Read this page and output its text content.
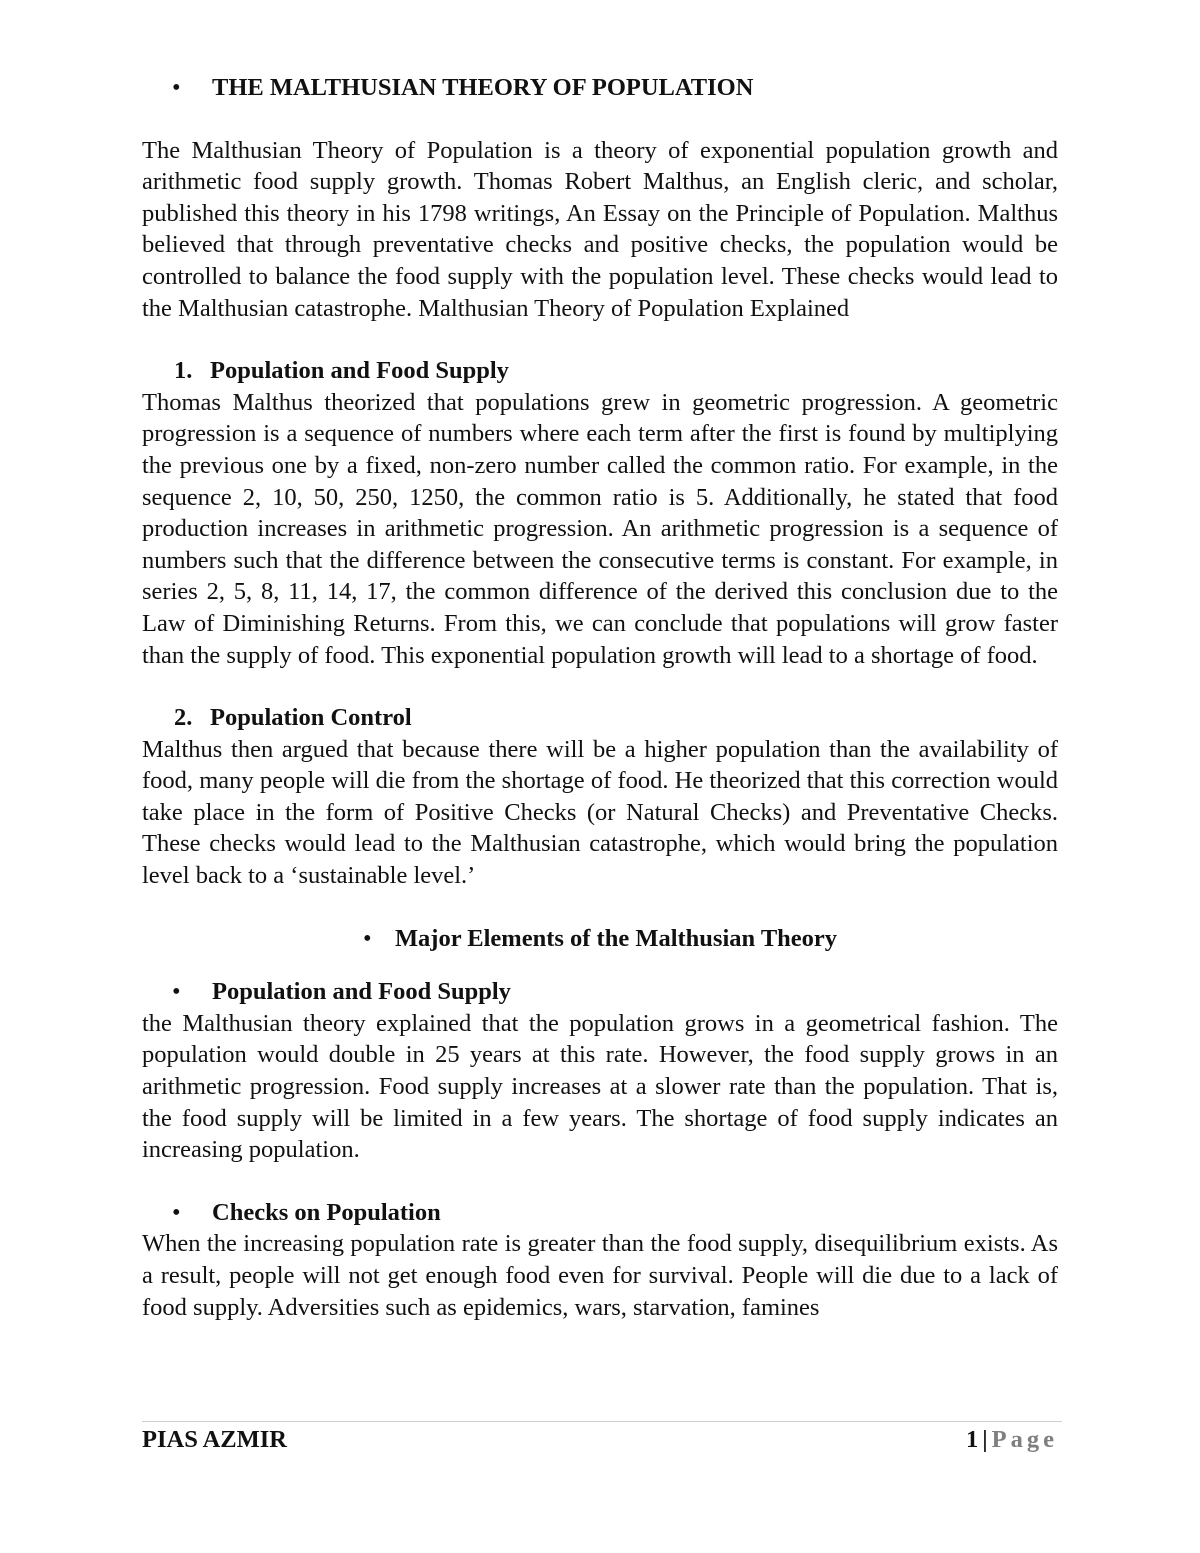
•	THE MALTHUSIAN THEORY OF POPULATION

The Malthusian Theory of Population is a theory of exponential population growth and arithmetic food supply growth. Thomas Robert Malthus, an English cleric, and scholar, published this theory in his 1798 writings, An Essay on the Principle of Population. Malthus believed that through preventative checks and positive checks, the population would be controlled to balance the food supply with the population level. These checks would lead to the Malthusian catastrophe. Malthusian Theory of Population Explained

1. Population and Food Supply

Thomas Malthus theorized that populations grew in geometric progression. A geometric progression is a sequence of numbers where each term after the first is found by multiplying the previous one by a fixed, non-zero number called the common ratio. For example, in the sequence 2, 10, 50, 250, 1250, the common ratio is 5. Additionally, he stated that food production increases in arithmetic progression. An arithmetic progression is a sequence of numbers such that the difference between the consecutive terms is constant. For example, in series 2, 5, 8, 11, 14, 17, the common difference of the derived this conclusion due to the Law of Diminishing Returns. From this, we can conclude that populations will grow faster than the supply of food. This exponential population growth will lead to a shortage of food.

2. Population Control

Malthus then argued that because there will be a higher population than the availability of food, many people will die from the shortage of food. He theorized that this correction would take place in the form of Positive Checks (or Natural Checks) and Preventative Checks. These checks would lead to the Malthusian catastrophe, which would bring the population level back to a ‘sustainable level.’

• Major Elements of the Malthusian Theory
•	Population and Food Supply

the Malthusian theory explained that the population grows in a geometrical fashion. The population would double in 25 years at this rate. However, the food supply grows in an arithmetic progression. Food supply increases at a slower rate than the population. That is, the food supply will be limited in a few years. The shortage of food supply indicates an increasing population.

•	Checks on Population

When the increasing population rate is greater than the food supply, disequilibrium exists. As a result, people will not get enough food even for survival. People will die due to a lack of food supply. Adversities such as epidemics, wars, starvation, famines

PIAS AZMIR	1 | Page
